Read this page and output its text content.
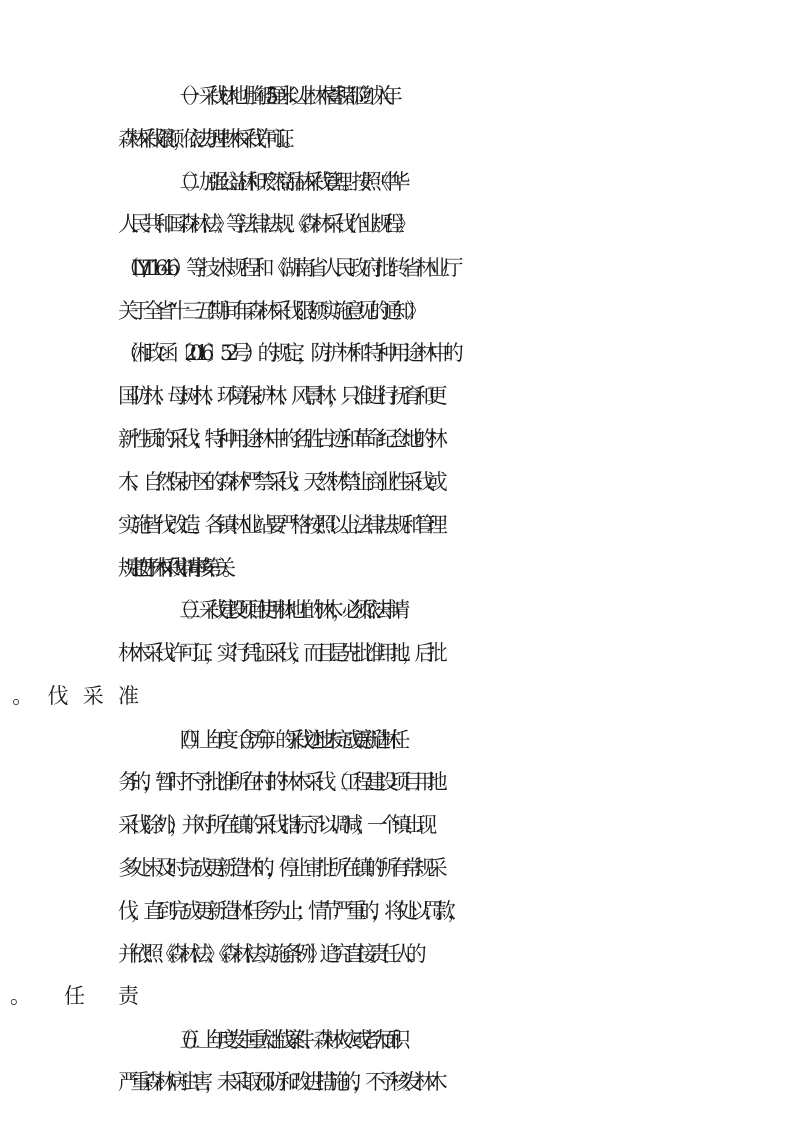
（一）采伐林地上胸径5厘米以上林木蓄积都应纳入年
森林采伐限额，依法办理林木采伐许可证。
（二）加强公益林和天然商品林采伐管理。按照《中华
人民共和国森林法》等法律法规、《森林采伐作业规程》
（LY/T1646）等技术规程和《湖南省人民政府批转省林业厅
关于全省“十三五”期间年森林采伐限额实施意见的通知》
（湘政函〔2016〕52号）的规定，防护林和特种用途林中的
国防林、母树林、环境保护林、风景林，只准进行抚育和更
新性质的采伐；特种用途林中的名胜古迹和革命纪念地的林
木、自然保护区的森林严禁采伐；天然林禁止商业性采伐或
实施皆伐改造。各镇林业站要严格按照以上法律法规和管理
规定把好林木采伐申请审核第一关。
（三）采伐建设项目使用林地上的林木，必须依法申请
林木采伐许可证，实行凭证采伐，而且是先批准用地，后批
（四）上年度（含历年）的采伐迹地未完成更新造林任
务的，暂时不予批准所在村的林木采伐（工程建设项目用地
采伐除外），并对所在镇的采伐指标予以调减；一个镇出现
多处未及时完成更新造林的，停止审批所在镇的所有常规采
伐，直到完成更新造林任务为止；情节严重的，将处以罚款，
并依照《森林法》、《森林法实施条例》追究直接责任人的
（五）上年度发生重大滥伐案件、森林火灾或者大面积
严重森林病虫害，未采取预防和改进措施的，不予核发林木
